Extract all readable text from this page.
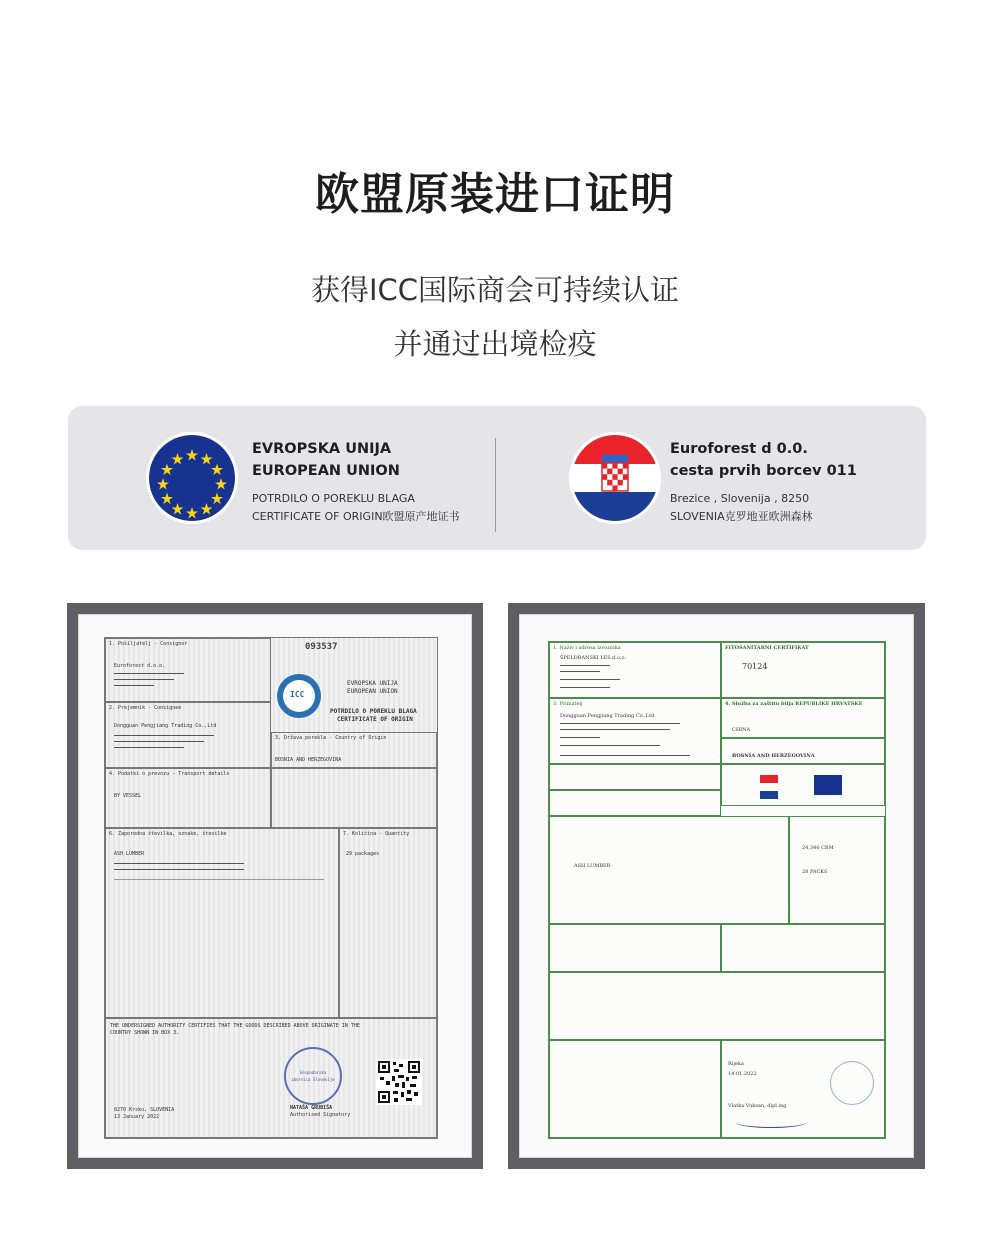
欧盟原装进口证明
获得ICC国际商会可持续认证
并通过出境检疫
EVROPSKA UNIJA
EUROPEAN UNION
POTRDILO O POREKLU BLAGA
CERTIFICATE OF ORIGIN欧盟原产地证书
Euroforest d 0.0.
cesta prvih borcev 011
Brezice , Slovenija , 8250
SLOVENIA克罗地亚欧洲森林
1. Pošiljatelj - Consignor
Euroforest d.o.o.
093537
2. Prejemnik - Consignee
Dongguan Pengjiang Trading Co.,Ltd
ICC
EVROPSKA UNIJA
EUROPEAN UNION
POTRDILO O POREKLU BLAGA
CERTIFICATE OF ORIGIN
3. Država porekla - Country of Origin
BOSNIA AND HERZEGOVINA
4. Podatki o prevozu - Transport details
BY VESSEL
6. Zaporedna številka, oznake, številke
ASH LUMBER
7. Količina - Quantity
29 packages
THE UNDERSIGNED AUTHORITY CERTIFIES THAT THE GOODS DESCRIBED ABOVE ORIGINATE IN THE COUNTRY SHOWN IN BOX 3.
Gospodarska zbornica Slovenije
8270 Krsko, SLOVENIA
13 January 2022
NATAŠA GRUBIŠA
Authorised Signatory
1. Naziv i adresa izvoznika
ŠPELDRANSKI LES d.o.o.
FITOSANITARNI CERTIFIKAT
70124
3. Primatelj
Dongguan Pengjiang Trading Co.,Ltd
4. Služba za zaštitu bilja REPUBLIKE HRVATSKE
CHINA
BOSNIA AND HERZEGOVINA
ASH LUMBER
24,346 CBM
28 PACKS
Rijeka
14.01.2022
Vlatka Vuksan, dipl.ing
